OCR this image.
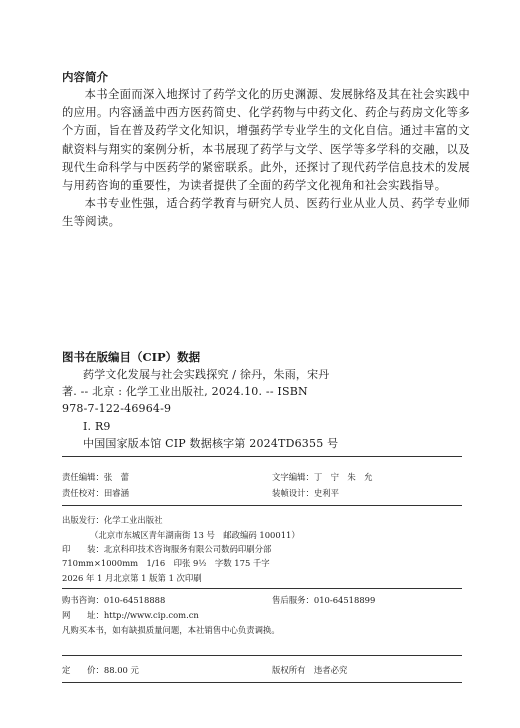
内容简介

本书全面而深入地探讨了药学文化的历史渊源、发展脉络及其在社会实践中的应用。内容涵盖中西方医药简史、化学药物与中药文化、药企与药房文化等多个方面，旨在普及药学文化知识，增强药学专业学生的文化自信。通过丰富的文献资料与翔实的案例分析，本书展现了药学与文学、医学等多学科的交融，以及现代生命科学与中医药学的紧密联系。此外，还探讨了现代药学信息技术的发展与用药咨询的重要性，为读者提供了全面的药学文化视角和社会实践指导。

本书专业性强，适合药学教育与研究人员、医药行业从业人员、药学专业师生等阅读。

图书在版编目（CIP）数据
药学文化发展与社会实践探究 / 徐丹，朱雨，宋丹
著. -- 北京 : 化学工业出版社, 2024.10. -- ISBN
978-7-122-46964-9
Ⅰ. R9
中国国家版本馆 CIP 数据核字第 2024TD6355 号
责任编辑：张　蕾	文字编辑：丁　宁　朱　允
责任校对：田睿涵	装帧设计：史利平
出版发行：化学工业出版社
（北京市东城区青年湖南街 13 号　邮政编码 100011）
印　　装：北京科印技术咨询服务有限公司数码印刷分部
710mm×1000mm　1/16　印张 9½　字数 175 千字
2026 年 1 月北京第 1 版第 1 次印刷
购书咨询：010-64518888	售后服务：010-64518899
网　　址：http://www.cip.com.cn
凡购买本书，如有缺损质量问题，本社销售中心负责调换。
定　　价：88.00 元	版权所有　违者必究
